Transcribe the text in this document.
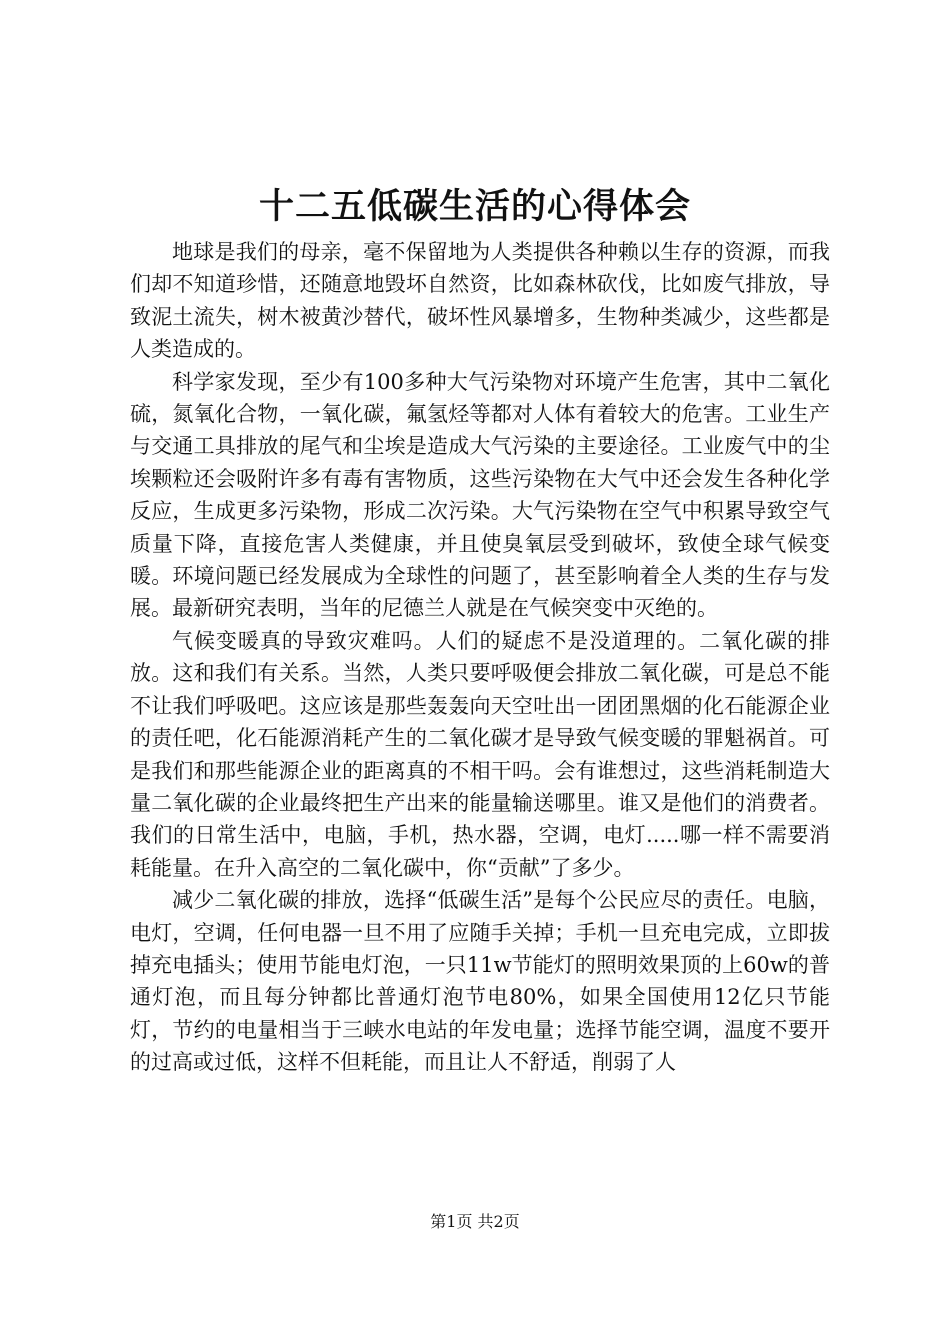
十二五低碳生活的心得体会

地球是我们的母亲，毫不保留地为人类提供各种赖以生存的资源，而我们却不知道珍惜，还随意地毁坏自然资，比如森林砍伐，比如废气排放，导致泥土流失，树木被黄沙替代，破坏性风暴增多，生物种类减少，这些都是人类造成的。

科学家发现，至少有100多种大气污染物对环境产生危害，其中二氧化硫，氮氧化合物，一氧化碳，氟氢烃等都对人体有着较大的危害。工业生产与交通工具排放的尾气和尘埃是造成大气污染的主要途径。工业废气中的尘埃颗粒还会吸附许多有毒有害物质，这些污染物在大气中还会发生各种化学反应，生成更多污染物，形成二次污染。大气污染物在空气中积累导致空气质量下降，直接危害人类健康，并且使臭氧层受到破坏，致使全球气候变暖。环境问题已经发展成为全球性的问题了，甚至影响着全人类的生存与发展。最新研究表明，当年的尼德兰人就是在气候突变中灭绝的。

气候变暖真的导致灾难吗。人们的疑虑不是没道理的。二氧化碳的排放。这和我们有关系。当然，人类只要呼吸便会排放二氧化碳，可是总不能不让我们呼吸吧。这应该是那些轰轰向天空吐出一团团黑烟的化石能源企业的责任吧，化石能源消耗产生的二氧化碳才是导致气候变暖的罪魁祸首。可是我们和那些能源企业的距离真的不相干吗。会有谁想过，这些消耗制造大量二氧化碳的企业最终把生产出来的能量输送哪里。谁又是他们的消费者。我们的日常生活中，电脑，手机，热水器，空调，电灯.....哪一样不需要消耗能量。在升入高空的二氧化碳中，你“贡献”了多少。

减少二氧化碳的排放，选择“低碳生活”是每个公民应尽的责任。电脑，电灯，空调，任何电器一旦不用了应随手关掉；手机一旦充电完成，立即拔掉充电插头；使用节能电灯泡，一只11w节能灯的照明效果顶的上60w的普通灯泡，而且每分钟都比普通灯泡节电80%，如果全国使用12亿只节能灯，节约的电量相当于三峡水电站的年发电量；选择节能空调，温度不要开的过高或过低，这样不但耗能，而且让人不舒适，削弱了人

第1页 共2页
